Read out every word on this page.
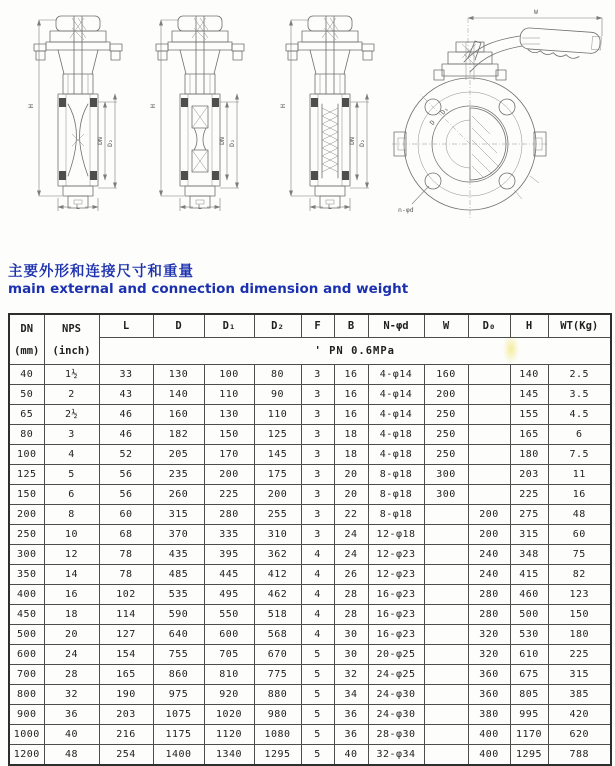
H
DN D₂
L
H
DN D₂
L
H
DN D₂
L
W
D₁
D
n-φd
主要外形和连接尺寸和重量
main external and connection dimension and weight
DN
(mm)

NPS
(inch)
	L	D	D₁	D₂	F	B	N-φd	W	D₀	H	WT(Kg)
		' PN 0.6MPa										
40	1½	33	130	100	80	3	16	4-φ14	160		140	2.5
50	2	43	140	110	90	3	16	4-φ14	200		145	3.5
65	2½	46	160	130	110	3	16	4-φ14	250		155	4.5
80	3	46	182	150	125	3	18	4-φ18	250		165	6
100	4	52	205	170	145	3	18	4-φ18	250		180	7.5
125	5	56	235	200	175	3	20	8-φ18	300		203	11
150	6	56	260	225	200	3	20	8-φ18	300		225	16
200	8	60	315	280	255	3	22	8-φ18		200	275	48
250	10	68	370	335	310	3	24	12-φ18		200	315	60
300	12	78	435	395	362	4	24	12-φ23		240	348	75
350	14	78	485	445	412	4	26	12-φ23		240	415	82
400	16	102	535	495	462	4	28	16-φ23		280	460	123
450	18	114	590	550	518	4	28	16-φ23		280	500	150
500	20	127	640	600	568	4	30	16-φ23		320	530	180
600	24	154	755	705	670	5	30	20-φ25		320	610	225
700	28	165	860	810	775	5	32	24-φ25		360	675	315
800	32	190	975	920	880	5	34	24-φ30		360	805	385
900	36	203	1075	1020	980	5	36	24-φ30		380	995	420
1000	40	216	1175	1120	1080	5	36	28-φ30		400	1170	620
1200	48	254	1400	1340	1295	5	40	32-φ34		400	1295	788
